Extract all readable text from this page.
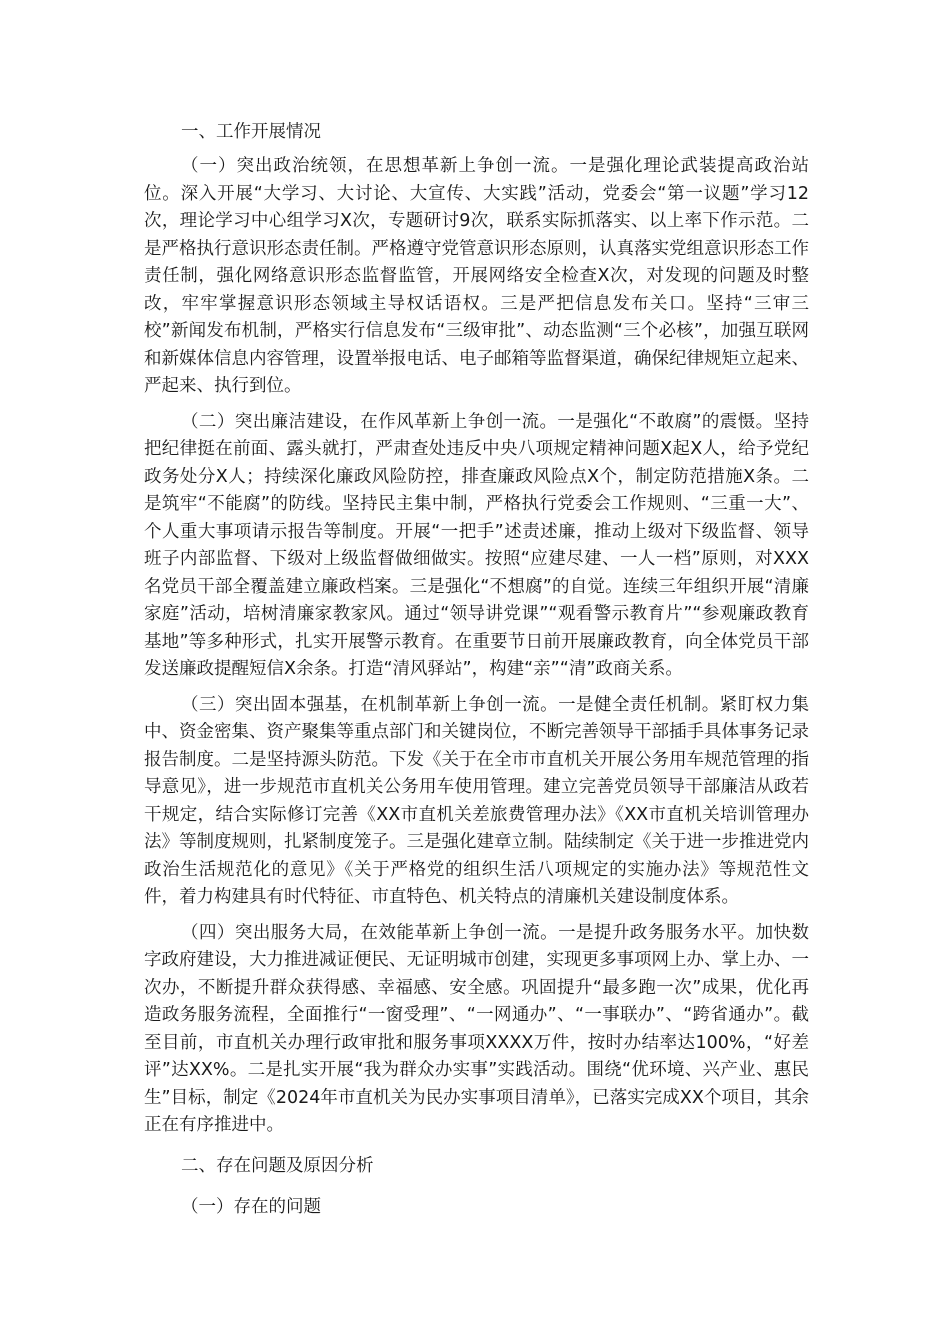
一、工作开展情况

（一）突出政治统领，在思想革新上争创一流。一是强化理论武装提高政治站位。深入开展“大学习、大讨论、大宣传、大实践”活动，党委会“第一议题”学习12次，理论学习中心组学习X次，专题研讨9次，联系实际抓落实、以上率下作示范。二是严格执行意识形态责任制。严格遵守党管意识形态原则，认真落实党组意识形态工作责任制，强化网络意识形态监督监管，开展网络安全检查X次，对发现的问题及时整改，牢牢掌握意识形态领域主导权话语权。三是严把信息发布关口。坚持“三审三校”新闻发布机制，严格实行信息发布“三级审批”、动态监测“三个必核”，加强互联网和新媒体信息内容管理，设置举报电话、电子邮箱等监督渠道，确保纪律规矩立起来、严起来、执行到位。

（二）突出廉洁建设，在作风革新上争创一流。一是强化“不敢腐”的震慑。坚持把纪律挺在前面、露头就打，严肃查处违反中央八项规定精神问题X起X人，给予党纪政务处分X人；持续深化廉政风险防控，排查廉政风险点X个，制定防范措施X条。二是筑牢“不能腐”的防线。坚持民主集中制，严格执行党委会工作规则、“三重一大”、个人重大事项请示报告等制度。开展“一把手”述责述廉，推动上级对下级监督、领导班子内部监督、下级对上级监督做细做实。按照“应建尽建、一人一档”原则，对XXX名党员干部全覆盖建立廉政档案。三是强化“不想腐”的自觉。连续三年组织开展“清廉家庭”活动，培树清廉家教家风。通过“领导讲党课”“观看警示教育片”“参观廉政教育基地”等多种形式，扎实开展警示教育。在重要节日前开展廉政教育，向全体党员干部发送廉政提醒短信X余条。打造“清风驿站”，构建“亲”“清”政商关系。

（三）突出固本强基，在机制革新上争创一流。一是健全责任机制。紧盯权力集中、资金密集、资产聚集等重点部门和关键岗位，不断完善领导干部插手具体事务记录报告制度。二是坚持源头防范。下发《关于在全市市直机关开展公务用车规范管理的指导意见》，进一步规范市直机关公务用车使用管理。建立完善党员领导干部廉洁从政若干规定，结合实际修订完善《XX市直机关差旅费管理办法》《XX市直机关培训管理办法》等制度规则，扎紧制度笼子。三是强化建章立制。陆续制定《关于进一步推进党内政治生活规范化的意见》《关于严格党的组织生活八项规定的实施办法》等规范性文件，着力构建具有时代特征、市直特色、机关特点的清廉机关建设制度体系。

（四）突出服务大局，在效能革新上争创一流。一是提升政务服务水平。加快数字政府建设，大力推进减证便民、无证明城市创建，实现更多事项网上办、掌上办、一次办，不断提升群众获得感、幸福感、安全感。巩固提升“最多跑一次”成果，优化再造政务服务流程，全面推行“一窗受理”、“一网通办”、“一事联办”、“跨省通办”。截至目前，市直机关办理行政审批和服务事项XXXX万件，按时办结率达100%，“好差评”达XX%。二是扎实开展“我为群众办实事”实践活动。围绕“优环境、兴产业、惠民生”目标，制定《2024年市直机关为民办实事项目清单》，已落实完成XX个项目，其余正在有序推进中。

二、存在问题及原因分析

（一）存在的问题
